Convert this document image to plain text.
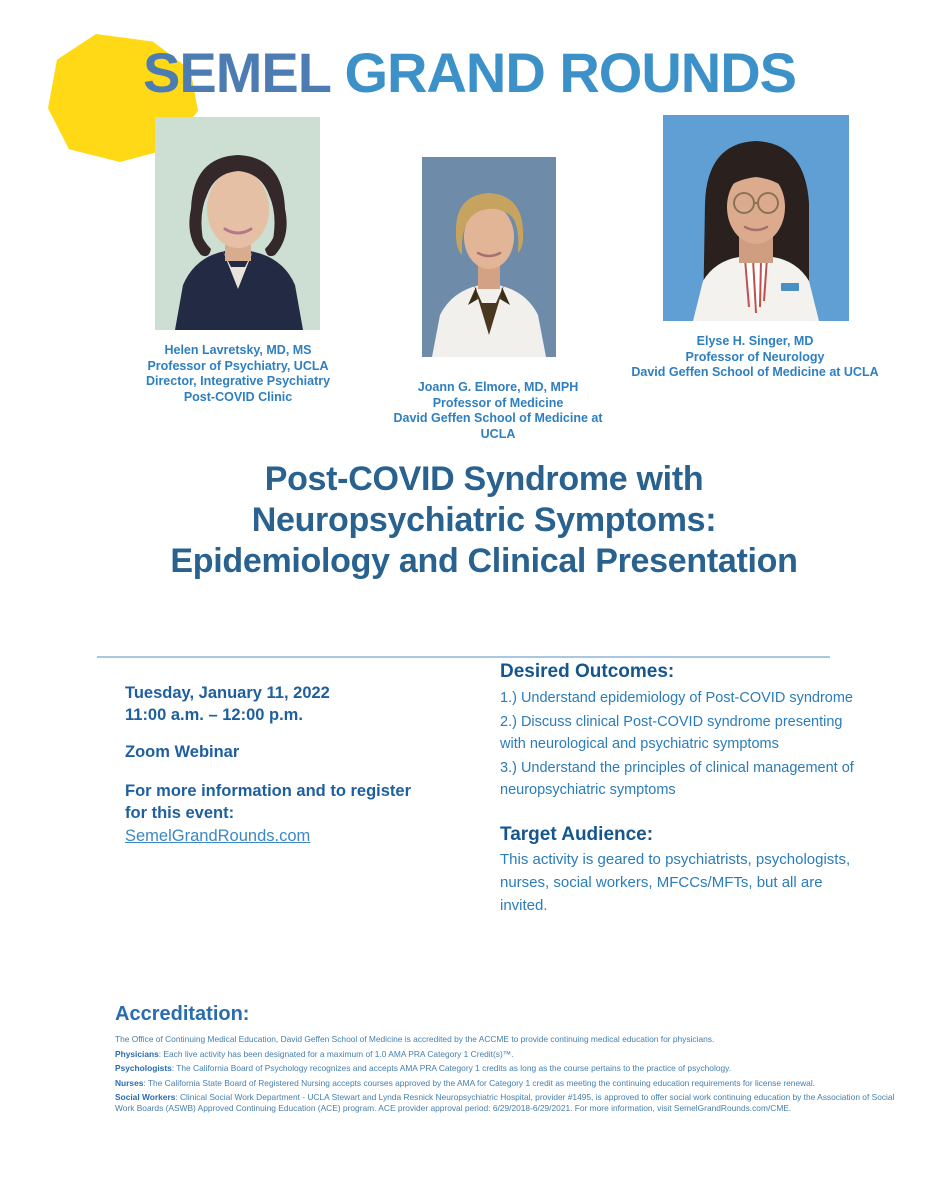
SEMEL GRAND ROUNDS
Helen Lavretsky, MD, MS
Professor of Psychiatry, UCLA
Director, Integrative Psychiatry
Post-COVID Clinic
Joann G. Elmore, MD, MPH
Professor of Medicine
David Geffen School of Medicine at UCLA
Elyse H. Singer, MD
Professor of Neurology
David Geffen School of Medicine at UCLA
Post-COVID Syndrome with
Neuropsychiatric Symptoms:
Epidemiology and Clinical Presentation

Tuesday, January 11, 2022

11:00 a.m. – 12:00 p.m.

Zoom Webinar

For more information and to register

for this event:

SemelGrandRounds.com
Desired Outcomes:

1.) Understand epidemiology of Post-COVID syndrome

2.) Discuss clinical Post-COVID syndrome presenting with neurological and psychiatric symptoms

3.) Understand the principles of clinical management of neuropsychiatric symptoms

Target Audience:

This activity is geared to psychiatrists, psychologists, nurses, social workers, MFCCs/MFTs, but all are invited.

Accreditation:

The Office of Continuing Medical Education, David Geffen School of Medicine is accredited by the ACCME to provide continuing medical education for physicians.

Physicians: Each live activity has been designated for a maximum of 1.0 AMA PRA Category 1 Credit(s)™.

Psychologists: The California Board of Psychology recognizes and accepts AMA PRA Category 1 credits as long as the course pertains to the practice of psychology.

Nurses: The California State Board of Registered Nursing accepts courses approved by the AMA for Category 1 credit as meeting the continuing education requirements for license renewal.

Social Workers: Clinical Social Work Department - UCLA Stewart and Lynda Resnick Neuropsychiatric Hospital, provider #1495, is approved to offer social work continuing education by the Association of Social Work Boards (ASWB) Approved Continuing Education (ACE) program. ACE provider approval period: 6/29/2018-6/29/2021. For more information, visit SemelGrandRounds.com/CME.
